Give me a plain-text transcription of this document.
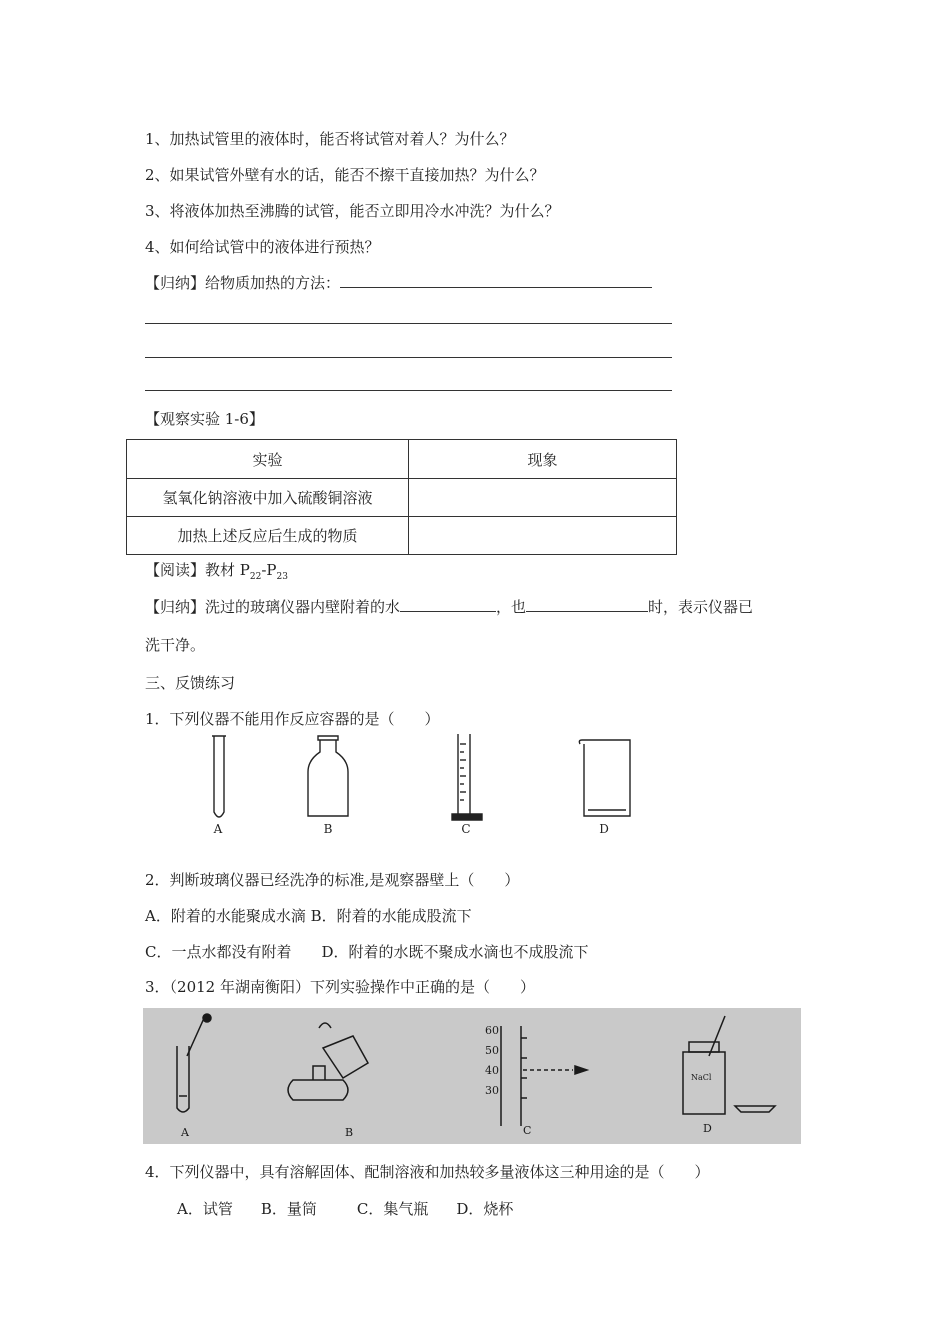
1、加热试管里的液体时，能否将试管对着人？为什么？
2、如果试管外壁有水的话，能否不擦干直接加热？为什么？
3、将液体加热至沸腾的试管，能否立即用冷水冲洗？为什么？
4、如何给试管中的液体进行预热？
【归纳】给物质加热的方法：
【观察实验 1-6】
实验	现象
氢氧化钠溶液中加入硫酸铜溶液	
加热上述反应后生成的物质	
【阅读】教材 $P_{22}-P_{23}$
【归纳】洗过的玻璃仪器内壁附着的水	，也	时，表示仪器已
洗干净。
三、反馈练习
1．下列仪器不能用作反应容器的是（　　）
A	B	C	D
2．判断玻璃仪器已经洗净的标准,是观察器壁上（　　）
A．附着的水能聚成水滴 B．附着的水能成股流下
C．一点水都没有附着　　D．附着的水既不聚成水滴也不成股流下
3．（2012 年湖南衡阳）下列实验操作中正确的是（　　）
60
50
40
30
NaCl
A	B	C	D
4．下列仪器中，具有溶解固体、配制溶液和加热较多量液体这三种用途的是（　　）
A．试管 B．量筒	C．集气瓶 D．烧杯
